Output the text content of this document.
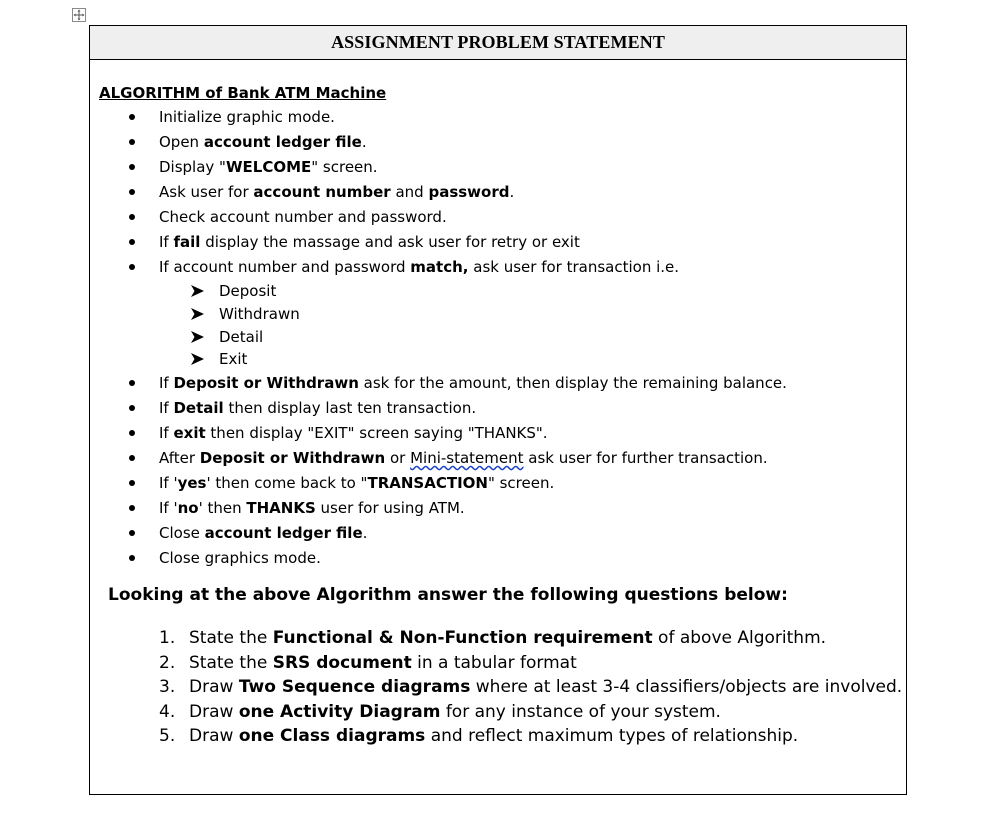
ASSIGNMENT PROBLEM STATEMENT
ALGORITHM of Bank ATM Machine
Initialize graphic mode.
Open account ledger file.
Display "WELCOME" screen.
Ask user for account number and password.
Check account number and password.
If fail display the massage and ask user for retry or exit
If account number and password match, ask user for transaction i.e.
Deposit
Withdrawn
Detail
Exit
If Deposit or Withdrawn ask for the amount, then display the remaining balance.
If Detail then display last ten transaction.
If exit then display "EXIT" screen saying "THANKS".
After Deposit or Withdrawn or Mini-statement ask user for further transaction.
If 'yes' then come back to "TRANSACTION" screen.
If 'no' then THANKS user for using ATM.
Close account ledger file.
Close graphics mode.
Looking at the above Algorithm answer the following questions below:
1. State the Functional & Non-Function requirement of above Algorithm.
2. State the SRS document in a tabular format
3. Draw Two Sequence diagrams where at least 3-4 classifiers/objects are involved.
4. Draw one Activity Diagram for any instance of your system.
5. Draw one Class diagrams and reflect maximum types of relationship.
